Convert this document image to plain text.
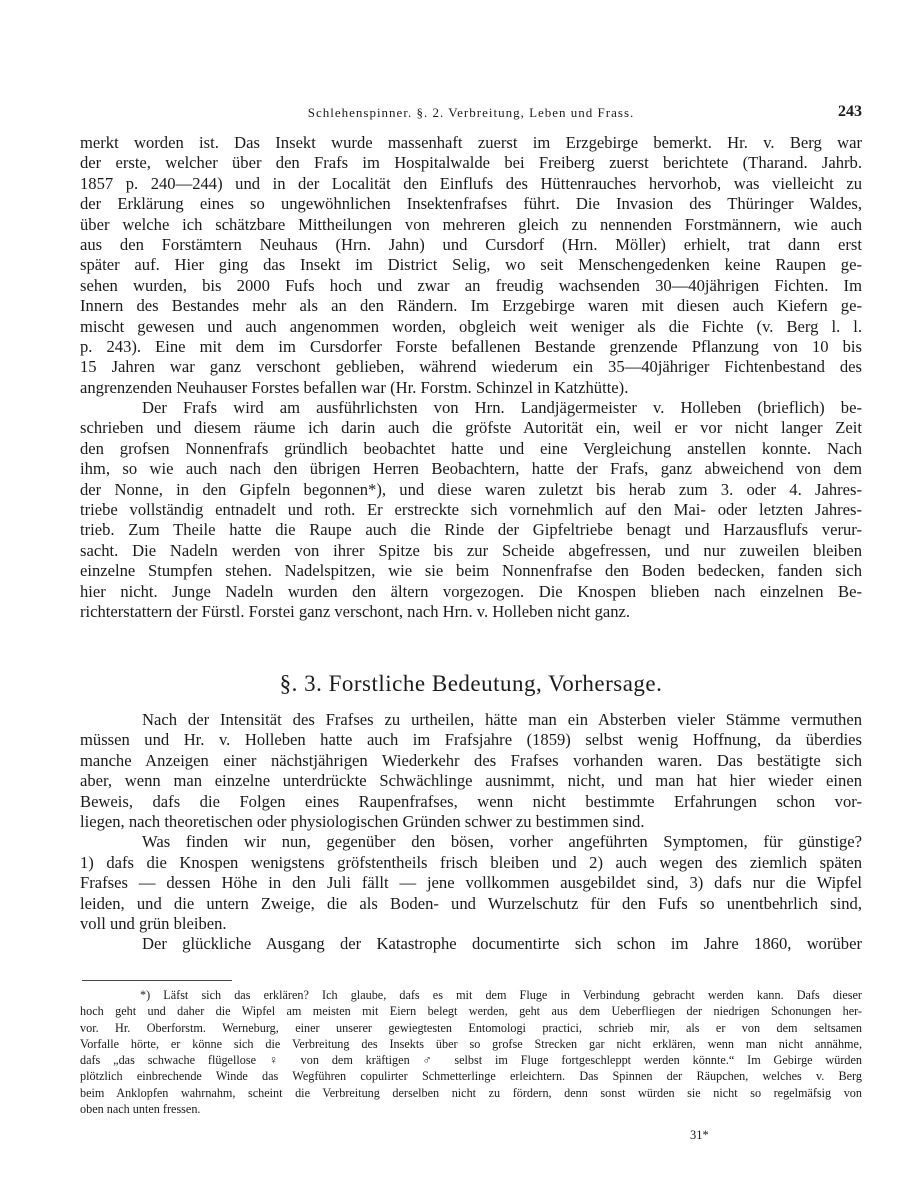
Schlehenspinner. §. 2. Verbreitung, Leben und Frass.	243
merkt worden ist. Das Insekt wurde massenhaft zuerst im Erzgebirge bemerkt. Hr. v. Berg war
der erste, welcher über den Frafs im Hospitalwalde bei Freiberg zuerst berichtete (Tharand. Jahrb.
1857 p. 240—244) und in der Localität den Einflufs des Hüttenrauches hervorhob, was vielleicht zu
der Erklärung eines so ungewöhnlichen Insektenfrafses führt. Die Invasion des Thüringer Waldes,
über welche ich schätzbare Mittheilungen von mehreren gleich zu nennenden Forstmännern, wie auch
aus den Forstämtern Neuhaus (Hrn. Jahn) und Cursdorf (Hrn. Möller) erhielt, trat dann erst
später auf. Hier ging das Insekt im District Selig, wo seit Menschengedenken keine Raupen ge-
sehen wurden, bis 2000 Fufs hoch und zwar an freudig wachsenden 30—40jährigen Fichten. Im
Innern des Bestandes mehr als an den Rändern. Im Erzgebirge waren mit diesen auch Kiefern ge-
mischt gewesen und auch angenommen worden, obgleich weit weniger als die Fichte (v. Berg l. l.
p. 243). Eine mit dem im Cursdorfer Forste befallenen Bestande grenzende Pflanzung von 10 bis
15 Jahren war ganz verschont geblieben, während wiederum ein 35—40jähriger Fichtenbestand des
angrenzenden Neuhauser Forstes befallen war (Hr. Forstm. Schinzel in Katzhütte).
Der Frafs wird am ausführlichsten von Hrn. Landjägermeister v. Holleben (brieflich) be-
schrieben und diesem räume ich darin auch die gröfste Autorität ein, weil er vor nicht langer Zeit
den grofsen Nonnenfrafs gründlich beobachtet hatte und eine Vergleichung anstellen konnte. Nach
ihm, so wie auch nach den übrigen Herren Beobachtern, hatte der Frafs, ganz abweichend von dem
der Nonne, in den Gipfeln begonnen*), und diese waren zuletzt bis herab zum 3. oder 4. Jahres-
triebe vollständig entnadelt und roth. Er erstreckte sich vornehmlich auf den Mai- oder letzten Jahres-
trieb. Zum Theile hatte die Raupe auch die Rinde der Gipfeltriebe benagt und Harzausflufs verur-
sacht. Die Nadeln werden von ihrer Spitze bis zur Scheide abgefressen, und nur zuweilen bleiben
einzelne Stumpfen stehen. Nadelspitzen, wie sie beim Nonnenfrafse den Boden bedecken, fanden sich
hier nicht. Junge Nadeln wurden den ältern vorgezogen. Die Knospen blieben nach einzelnen Be-
richterstattern der Fürstl. Forstei ganz verschont, nach Hrn. v. Holleben nicht ganz.
§. 3. Forstliche Bedeutung, Vorhersage.
Nach der Intensität des Frafses zu urtheilen, hätte man ein Absterben vieler Stämme vermuthen
müssen und Hr. v. Holleben hatte auch im Frafsjahre (1859) selbst wenig Hoffnung, da überdies
manche Anzeigen einer nächstjährigen Wiederkehr des Frafses vorhanden waren. Das bestätigte sich
aber, wenn man einzelne unterdrückte Schwächlinge ausnimmt, nicht, und man hat hier wieder einen
Beweis, dafs die Folgen eines Raupenfrafses, wenn nicht bestimmte Erfahrungen schon vor-
liegen, nach theoretischen oder physiologischen Gründen schwer zu bestimmen sind.
Was finden wir nun, gegenüber den bösen, vorher angeführten Symptomen, für günstige?
1) dafs die Knospen wenigstens gröfstentheils frisch bleiben und 2) auch wegen des ziemlich späten
Frafses — dessen Höhe in den Juli fällt — jene vollkommen ausgebildet sind, 3) dafs nur die Wipfel
leiden, und die untern Zweige, die als Boden- und Wurzelschutz für den Fufs so unentbehrlich sind,
voll und grün bleiben.
Der glückliche Ausgang der Katastrophe documentirte sich schon im Jahre 1860, worüber
*) Läfst sich das erklären? Ich glaube, dafs es mit dem Fluge in Verbindung gebracht werden kann. Dafs dieser
hoch geht und daher die Wipfel am meisten mit Eiern belegt werden, geht aus dem Ueberfliegen der niedrigen Schonungen her-
vor. Hr. Oberforstm. Werneburg, einer unserer gewiegtesten Entomologi practici, schrieb mir, als er von dem seltsamen
Vorfalle hörte, er könne sich die Verbreitung des Insekts über so grofse Strecken gar nicht erklären, wenn man nicht annähme,
dafs „das schwache flügellose ♀ von dem kräftigen ♂ selbst im Fluge fortgeschleppt werden könnte.“ Im Gebirge würden
plötzlich einbrechende Winde das Wegführen copulirter Schmetterlinge erleichtern. Das Spinnen der Räupchen, welches v. Berg
beim Anklopfen wahrnahm, scheint die Verbreitung derselben nicht zu fördern, denn sonst würden sie nicht so regelmäfsig von
oben nach unten fressen.
31*
